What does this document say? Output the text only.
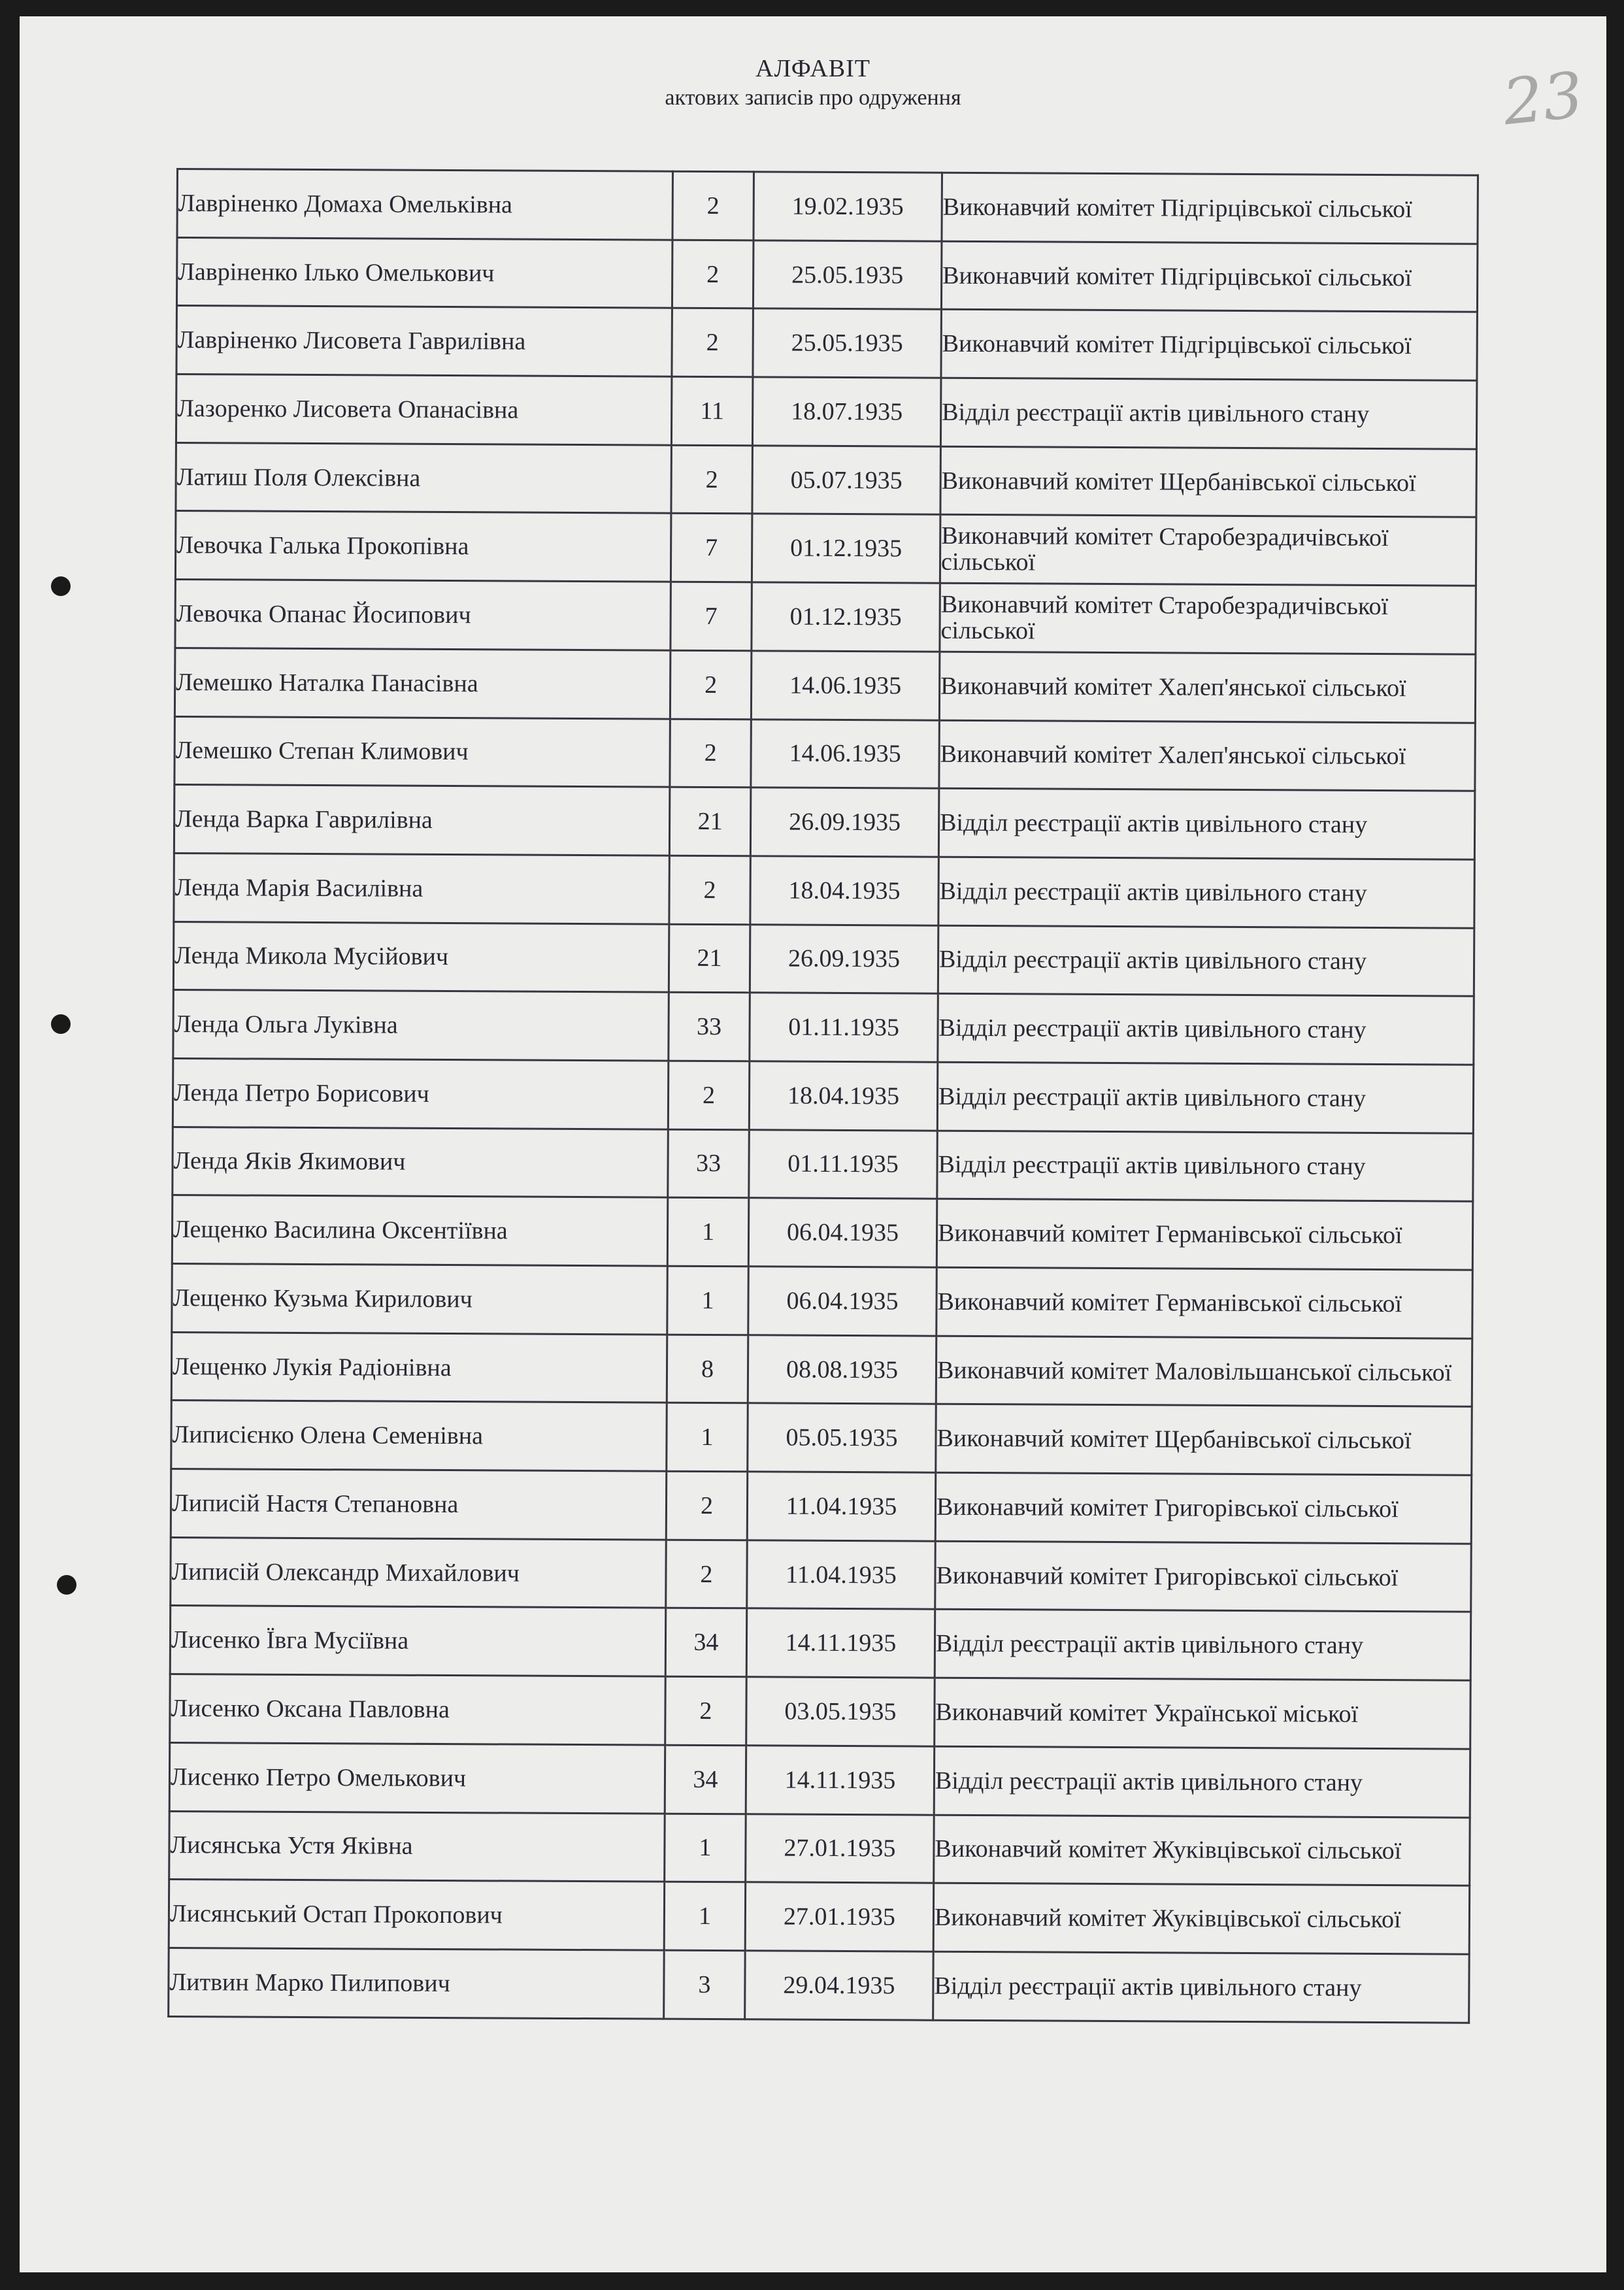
23
АЛФАВІТ
актових записів про одруження
Лавріненко Домаха Омельківна	2	19.02.1935	Виконавчий комітет Підгірцівської сільської
Лавріненко Ілько Омелькович	2	25.05.1935	Виконавчий комітет Підгірцівської сільської
Лавріненко Лисовета Гаврилівна	2	25.05.1935	Виконавчий комітет Підгірцівської сільської
Лазоренко Лисовета Опанасівна	11	18.07.1935	Відділ реєстрації актів цивільного стану
Латиш Поля Олексівна	2	05.07.1935	Виконавчий комітет Щербанівської сільської
Левочка Галька Прокопівна	7	01.12.1935	Виконавчий комітет Старобезрадичівської сільської
Левочка Опанас Йосипович	7	01.12.1935	Виконавчий комітет Старобезрадичівської сільської
Лемешко Наталка Панасівна	2	14.06.1935	Виконавчий комітет Халеп'янської сільської
Лемешко Степан Климович	2	14.06.1935	Виконавчий комітет Халеп'янської сільської
Ленда Варка Гаврилівна	21	26.09.1935	Відділ реєстрації актів цивільного стану
Ленда Марія Василівна	2	18.04.1935	Відділ реєстрації актів цивільного стану
Ленда Микола Мусійович	21	26.09.1935	Відділ реєстрації актів цивільного стану
Ленда Ольга Луківна	33	01.11.1935	Відділ реєстрації актів цивільного стану
Ленда Петро Борисович	2	18.04.1935	Відділ реєстрації актів цивільного стану
Ленда Яків Якимович	33	01.11.1935	Відділ реєстрації актів цивільного стану
Лещенко Василина Оксентіївна	1	06.04.1935	Виконавчий комітет Германівської сільської
Лещенко Кузьма Кирилович	1	06.04.1935	Виконавчий комітет Германівської сільської
Лещенко Лукія Радіонівна	8	08.08.1935	Виконавчий комітет Маловільшанської сільської
Липисієнко Олена Семенівна	1	05.05.1935	Виконавчий комітет Щербанівської сільської
Липисій Настя Степановна	2	11.04.1935	Виконавчий комітет Григорівської сільської
Липисій Олександр Михайлович	2	11.04.1935	Виконавчий комітет Григорівської сільської
Лисенко Ївга Мусіївна	34	14.11.1935	Відділ реєстрації актів цивільного стану
Лисенко Оксана Павловна	2	03.05.1935	Виконавчий комітет Української міської
Лисенко Петро Омелькович	34	14.11.1935	Відділ реєстрації актів цивільного стану
Лисянська Устя Яківна	1	27.01.1935	Виконавчий комітет Жуківцівської сільської
Лисянський Остап Прокопович	1	27.01.1935	Виконавчий комітет Жуківцівської сільської
Литвин Марко Пилипович	3	29.04.1935	Відділ реєстрації актів цивільного стану
